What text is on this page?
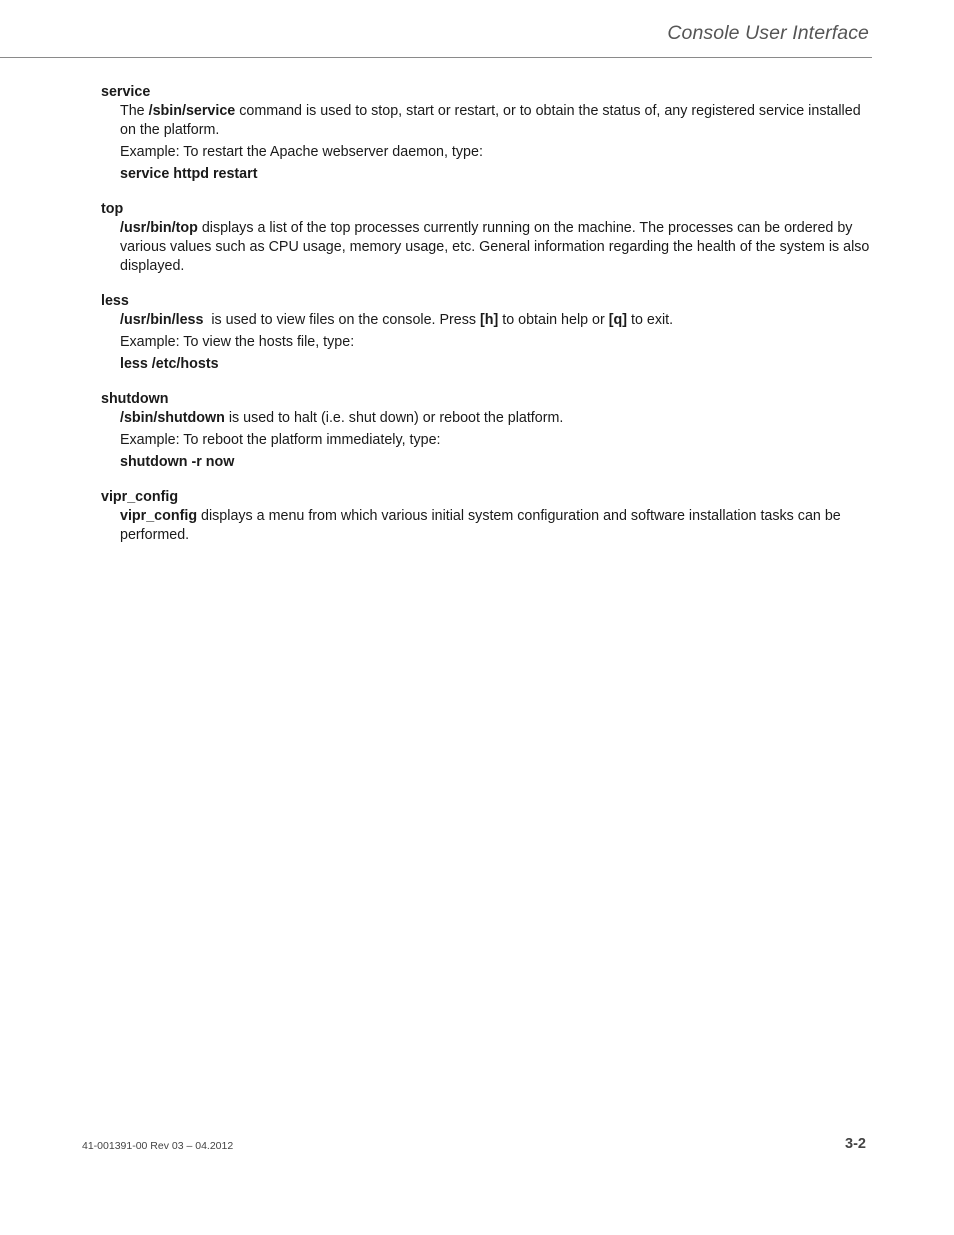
Console User Interface
service

The /sbin/service command is used to stop, start or restart, or to obtain the status of, any registered service installed on the platform.

Example: To restart the Apache webserver daemon, type:

service httpd restart
top

/usr/bin/top displays a list of the top processes currently running on the machine. The processes can be ordered by various values such as CPU usage, memory usage, etc. General information regarding the health of the system is also displayed.

less

/usr/bin/less  is used to view files on the console. Press [h] to obtain help or [q] to exit.

Example: To view the hosts file, type:

less /etc/hosts
shutdown

/sbin/shutdown is used to halt (i.e. shut down) or reboot the platform.

Example: To reboot the platform immediately, type:

shutdown -r now
vipr_config

vipr_config displays a menu from which various initial system configuration and software installation tasks can be performed.

41-001391-00 Rev 03 – 04.2012	3-2
